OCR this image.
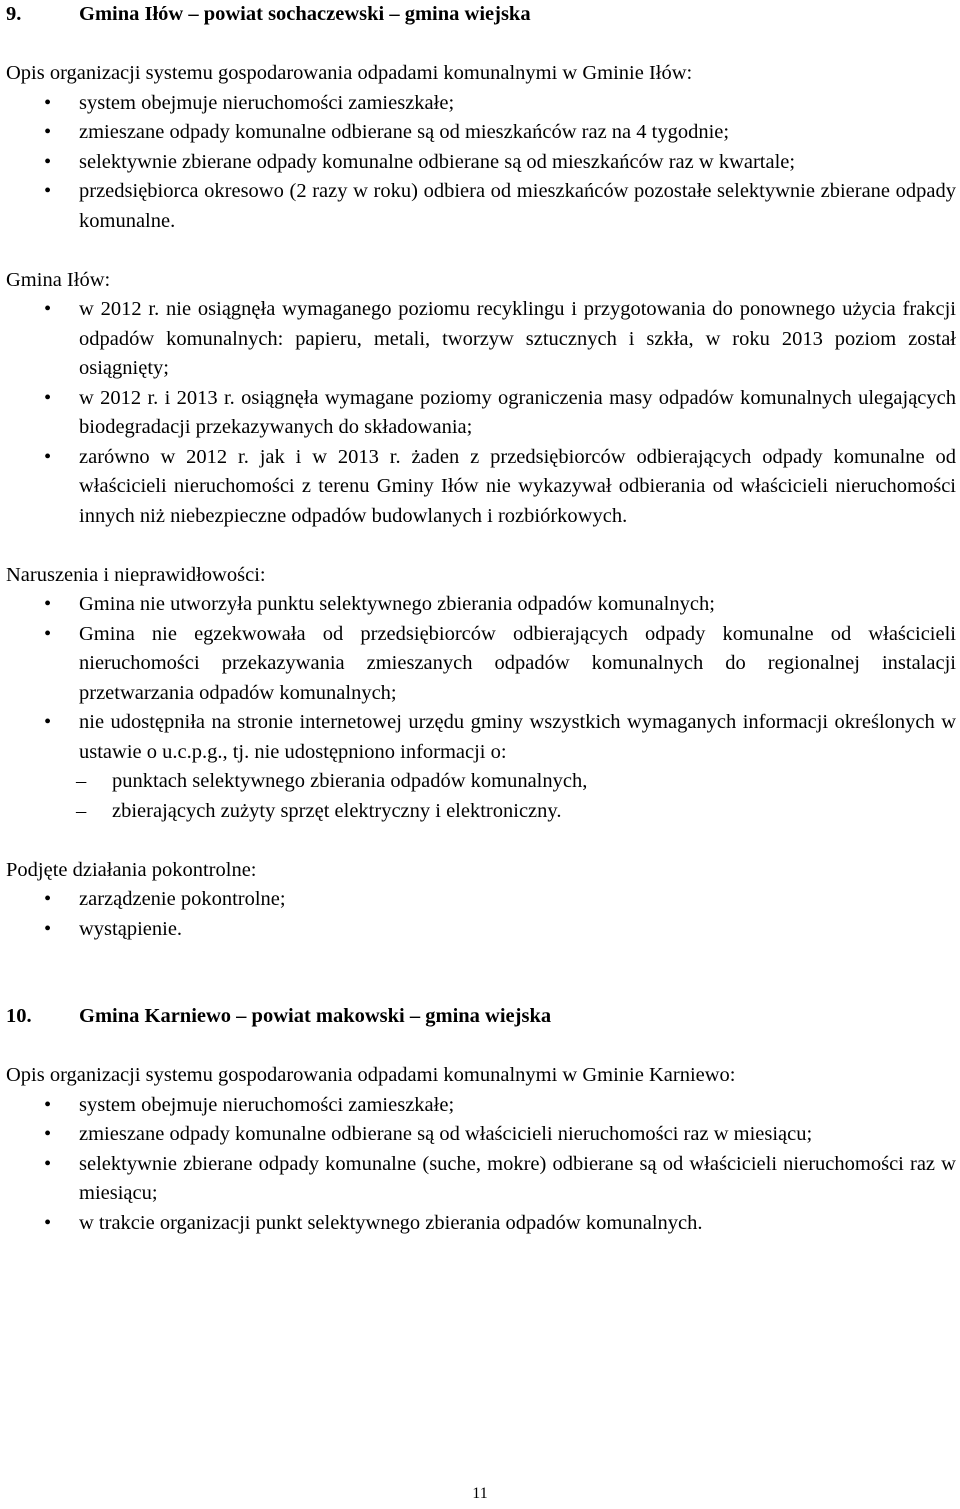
9.	Gmina Iłów – powiat sochaczewski – gmina wiejska

Opis organizacji systemu gospodarowania odpadami komunalnymi w Gminie Iłów:

• system obejmuje nieruchomości zamieszkałe;
• zmieszane odpady komunalne odbierane są od mieszkańców raz na 4 tygodnie;
• selektywnie zbierane odpady komunalne odbierane są od mieszkańców raz w kwartale;
• przedsiębiorca okresowo (2 razy w roku) odbiera od mieszkańców pozostałe selektywnie zbierane odpady komunalne.

Gmina Iłów:

• w 2012 r. nie osiągnęła wymaganego poziomu recyklingu i przygotowania do ponownego użycia frakcji odpadów komunalnych: papieru, metali, tworzyw sztucznych i szkła, w roku 2013 poziom został osiągnięty;
• w 2012 r. i 2013 r. osiągnęła wymagane poziomy ograniczenia masy odpadów komunalnych ulegających biodegradacji przekazywanych do składowania;
• zarówno w 2012 r. jak i w 2013 r. żaden z przedsiębiorców odbierających odpady komunalne od właścicieli nieruchomości z terenu Gminy Iłów nie wykazywał odbierania od właścicieli nieruchomości innych niż niebezpieczne odpadów budowlanych i rozbiórkowych.

Naruszenia i nieprawidłowości:

• Gmina nie utworzyła punktu selektywnego zbierania odpadów komunalnych;
• Gmina nie egzekwowała od przedsiębiorców odbierających odpady komunalne od właścicieli nieruchomości przekazywania zmieszanych odpadów komunalnych do regionalnej instalacji przetwarzania odpadów komunalnych;
• nie udostępniła na stronie internetowej urzędu gminy wszystkich wymaganych informacji określonych w ustawie o u.c.p.g., tj. nie udostępniono informacji o:
– punktach selektywnego zbierania odpadów komunalnych,
– zbierających zużyty sprzęt elektryczny i elektroniczny.

Podjęte działania pokontrolne:

• zarządzenie pokontrolne;
• wystąpienie.
10. Gmina Karniewo – powiat makowski – gmina wiejska

Opis organizacji systemu gospodarowania odpadami komunalnymi w Gminie Karniewo:

• system obejmuje nieruchomości zamieszkałe;
• zmieszane odpady komunalne odbierane są od właścicieli nieruchomości raz w miesiącu;
• selektywnie zbierane odpady komunalne (suche, mokre) odbierane są od właścicieli nieruchomości raz w miesiącu;
• w trakcie organizacji punkt selektywnego zbierania odpadów komunalnych.
11
